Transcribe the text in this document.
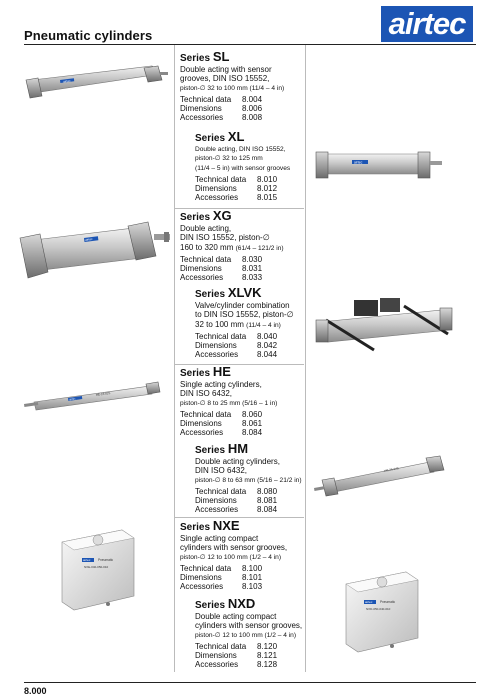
Pneumatic cylinders	airtec
Series SL
Double acting with sensor
grooves, DIN ISO 15552,
piston-∅ 32 to 100 mm (11/4 – 4 in)
Technical data	8.004
Dimensions	8.006
Accessories	8.008
Series XL
Double acting, DIN ISO 15552,
piston-∅ 32 to 125 mm
(11/4 – 5 in) with sensor grooves
Technical data	8.010
Dimensions	8.012
Accessories	8.015
Series XG
Double acting,
DIN ISO 15552, piston-∅
160 to 320 mm (61/4 – 121/2 in)
Technical data	8.030
Dimensions	8.031
Accessories	8.033
Series XLVK
Valve/cylinder combination
to DIN ISO 15552, piston-∅
32 to 100 mm (11/4 – 4 in)
Technical data	8.040
Dimensions	8.042
Accessories	8.044
Series HE
Single acting cylinders,
DIN ISO 6432,
piston-∅ 8 to 25 mm (5/16 – 1 in)
Technical data	8.060
Dimensions	8.061
Accessories	8.084
Series HM
Double acting cylinders,
DIN ISO 6432,
piston-∅ 8 to 63 mm (5/16 – 21/2 in)
Technical data	8.080
Dimensions	8.081
Accessories	8.084
Series NXE
Single acting compact
cylinders with sensor grooves,
piston-∅ 12 to 100 mm (1/2 – 4 in)
Technical data	8.100
Dimensions	8.101
Accessories	8.103
Series NXD
Double acting compact
cylinders with sensor grooves,
piston-∅ 12 to 100 mm (1/2 – 4 in)
Technical data	8.120
Dimensions	8.121
Accessories	8.128
airtec
airtec
airtec
airtec
HE-16-025
HM-25-040
airtec Pneumatic
NXE-040-050-010
airtec Pneumatic
NXD-050-040-010
8.000
